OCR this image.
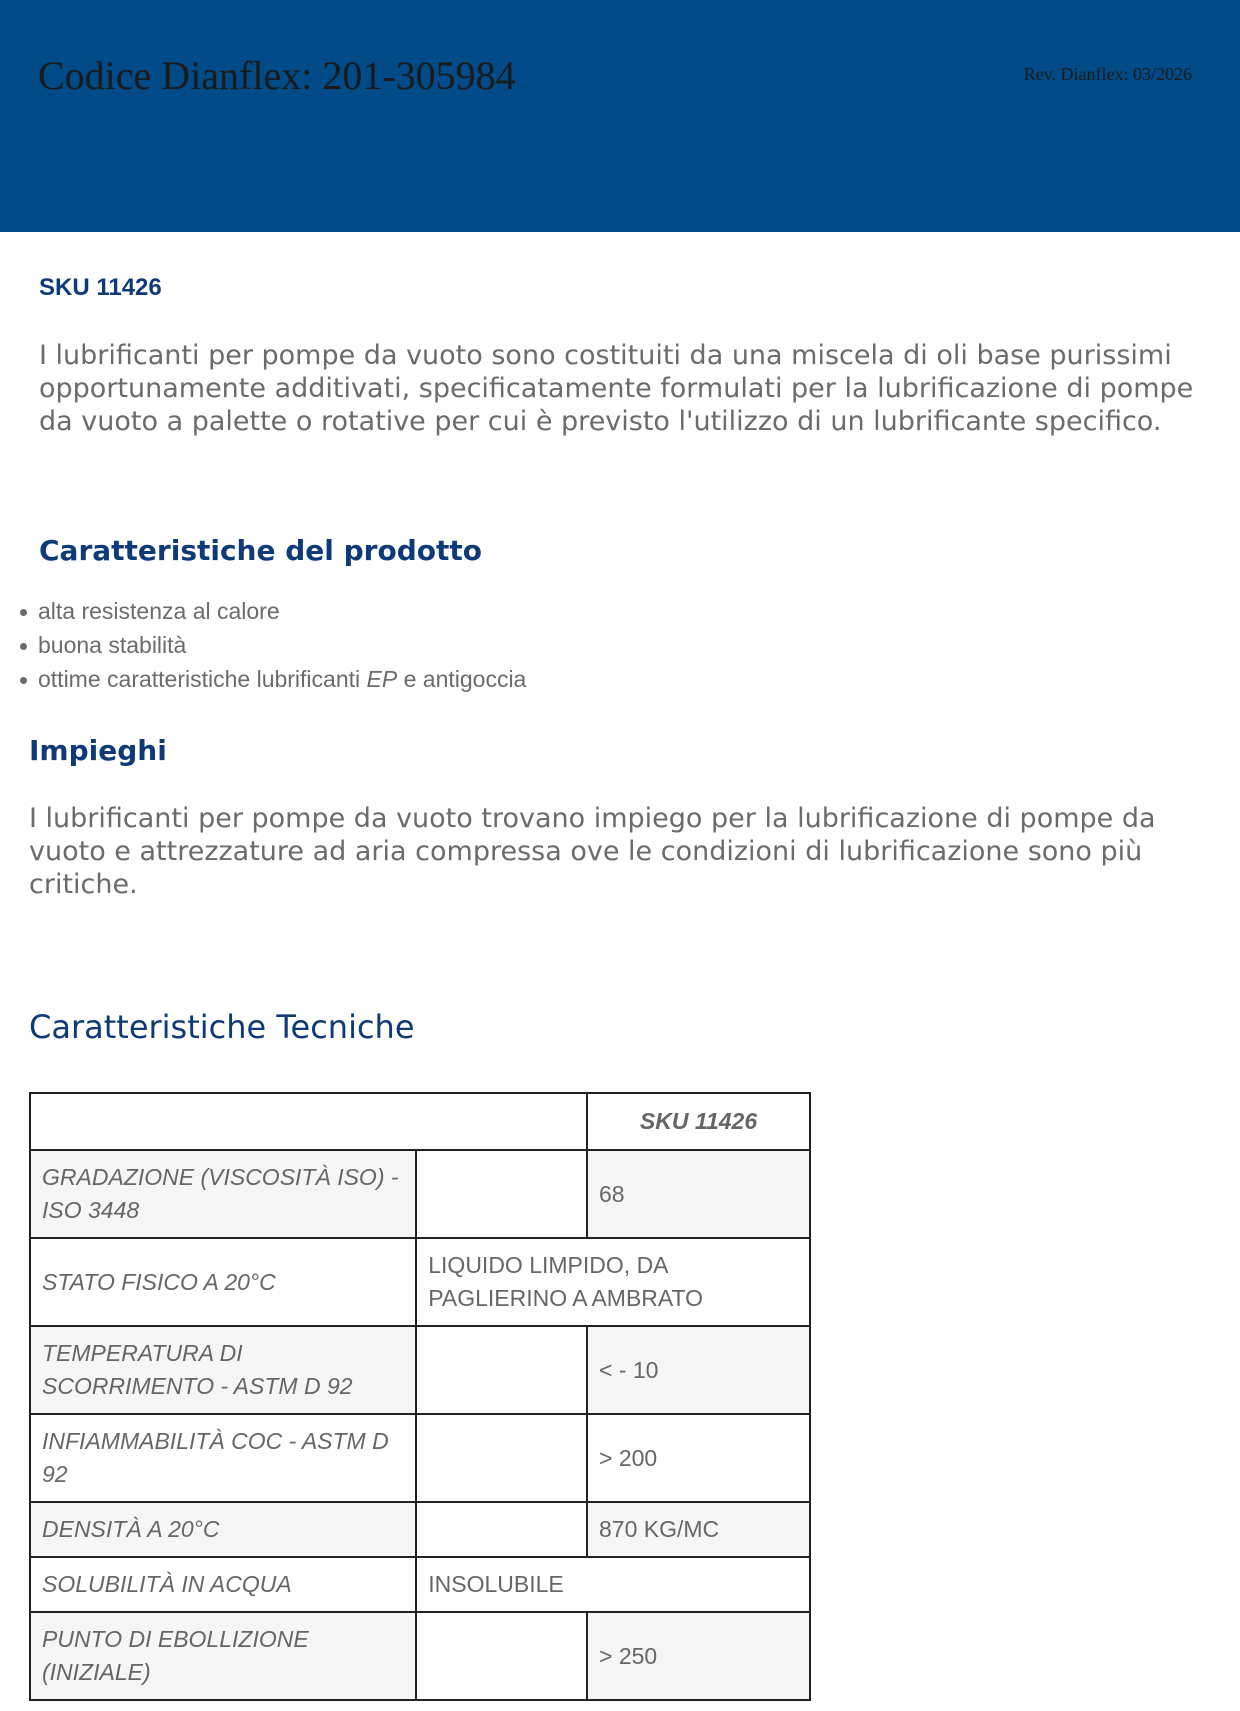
Codice Dianflex: 201-305984	Rev. Dianflex: 03/2026
SKU 11426
I lubrificanti per pompe da vuoto sono costituiti da una miscela di oli base purissimi opportunamente additivati, specificatamente formulati per la lubrificazione di pompe da vuoto a palette o rotative per cui è previsto l'utilizzo di un lubrificante specifico.
Caratteristiche del prodotto
alta resistenza al calore
buona stabilità
ottime caratteristiche lubrificanti EP e antigoccia
Impieghi
I lubrificanti per pompe da vuoto trovano impiego per la lubrificazione di pompe da vuoto e attrezzature ad aria compressa ove le condizioni di lubrificazione sono più critiche.
Caratteristiche Tecniche
		SKU 11426
GRADAZIONE (VISCOSITÀ ISO) - ISO 3448		68
STATO FISICO A 20°C	LIQUIDO LIMPIDO, DA PAGLIERINO A AMBRATO	
TEMPERATURA DI SCORRIMENTO - ASTM D 92		< - 10
INFIAMMABILITÀ COC - ASTM D 92		> 200
DENSITÀ A 20°C		870 KG/MC
SOLUBILITÀ IN ACQUA	INSOLUBILE	
PUNTO DI EBOLLIZIONE (INIZIALE)		> 250
